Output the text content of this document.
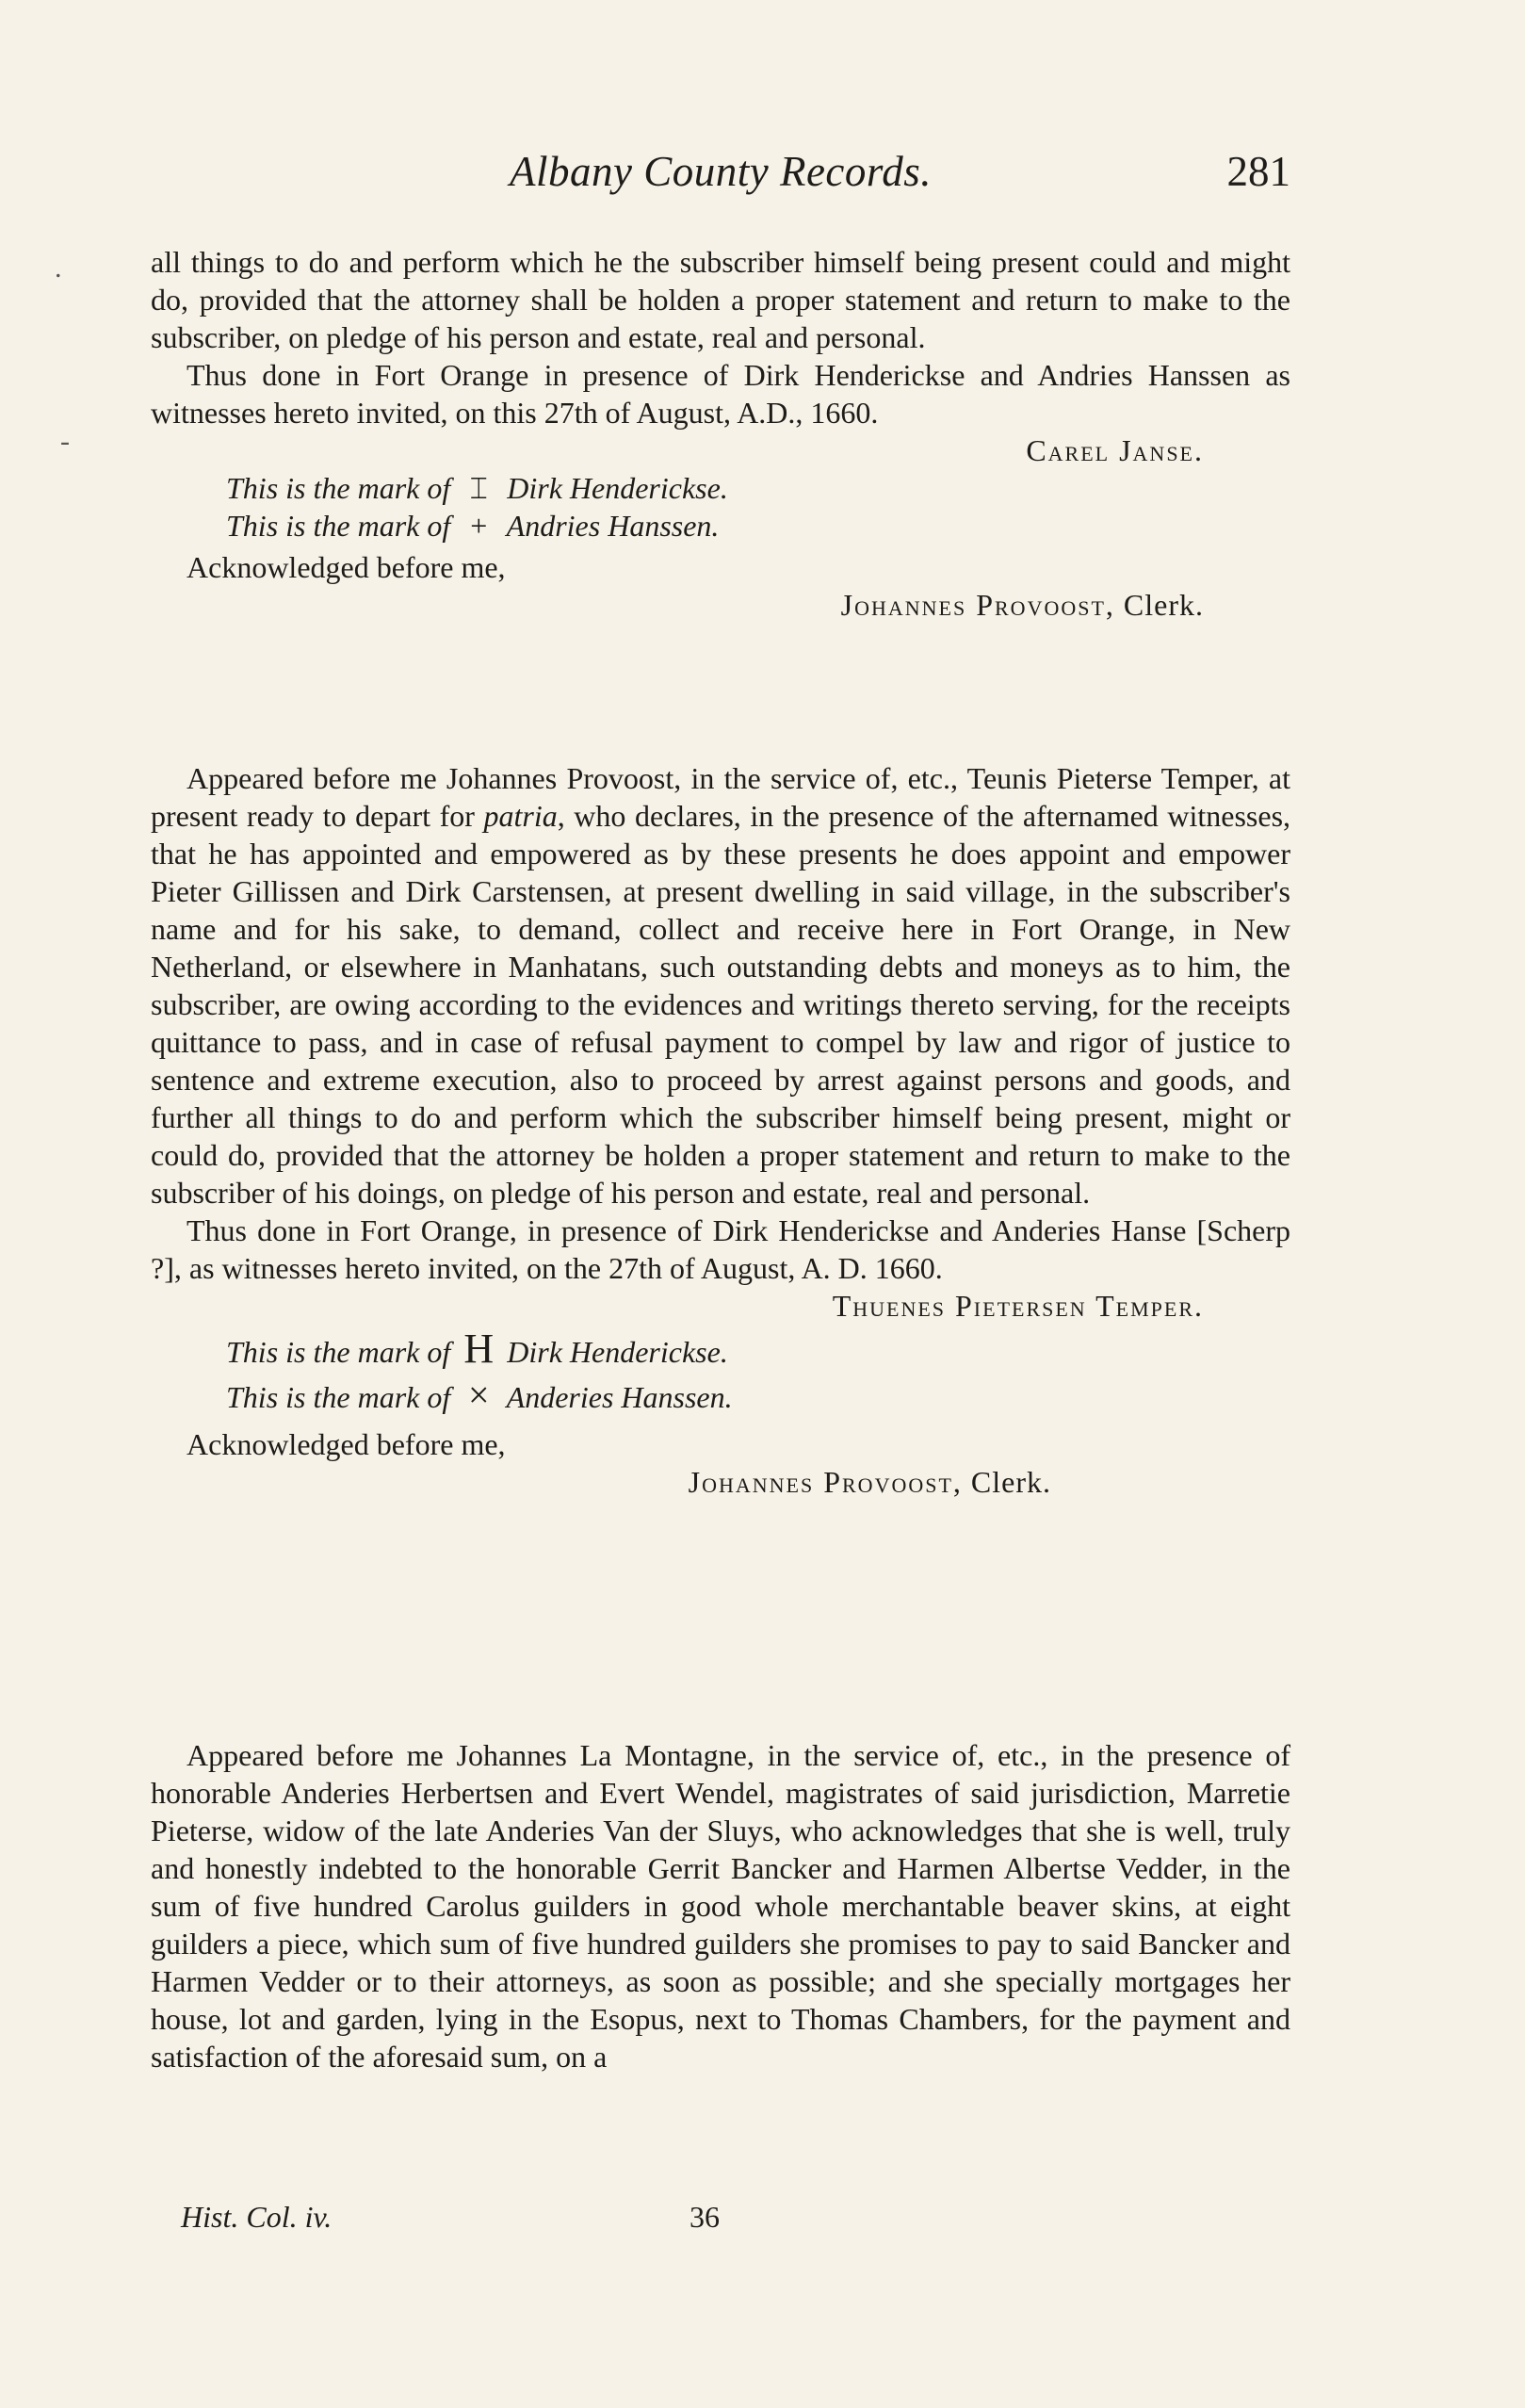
Albany County Records.	281
.
-

all things to do and perform which he the subscriber himself being present could and might do, provided that the attorney shall be holden a proper statement and return to make to the subscriber, on pledge of his person and estate, real and personal.

Thus done in Fort Orange in presence of Dirk Henderickse and Andries Hanssen as witnesses hereto invited, on this 27th of August, A.D., 1660.

Carel Janse.

This is the mark of ⌶ Dirk Henderickse.

This is the mark of + Andries Hanssen.

Acknowledged before me,

Johannes Provoost, Clerk.

Appeared before me Johannes Provoost, in the service of, etc., Teunis Pieterse Temper, at present ready to depart for patria, who declares, in the presence of the afternamed witnesses, that he has appointed and empowered as by these presents he does appoint and empower Pieter Gillissen and Dirk Carstensen, at present dwelling in said village, in the subscriber's name and for his sake, to demand, collect and receive here in Fort Orange, in New Netherland, or elsewhere in Manhatans, such outstanding debts and moneys as to him, the subscriber, are owing according to the evidences and writings thereto serving, for the receipts quittance to pass, and in case of refusal payment to compel by law and rigor of justice to sentence and extreme execution, also to proceed by arrest against persons and goods, and further all things to do and perform which the subscriber himself being present, might or could do, provided that the attorney be holden a proper statement and return to make to the subscriber of his doings, on pledge of his person and estate, real and personal.

Thus done in Fort Orange, in presence of Dirk Henderickse and Anderies Hanse [Scherp ?], as witnesses hereto invited, on the 27th of August, A. D. 1660.

Thuenes Pietersen Temper.

This is the mark of H Dirk Henderickse.

This is the mark of × Anderies Hanssen.

Acknowledged before me,

Johannes Provoost, Clerk.

Appeared before me Johannes La Montagne, in the service of, etc., in the presence of honorable Anderies Herbertsen and Evert Wendel, magistrates of said jurisdiction, Marretie Pieterse, widow of the late Anderies Van der Sluys, who acknowledges that she is well, truly and honestly indebted to the honorable Gerrit Bancker and Harmen Albertse Vedder, in the sum of five hundred Carolus guilders in good whole merchantable beaver skins, at eight guilders a piece, which sum of five hundred guilders she promises to pay to said Bancker and Harmen Vedder or to their attorneys, as soon as possible; and she specially mortgages her house, lot and garden, lying in the Esopus, next to Thomas Chambers, for the payment and satisfaction of the aforesaid sum, on a

Hist. Col. iv.	36
